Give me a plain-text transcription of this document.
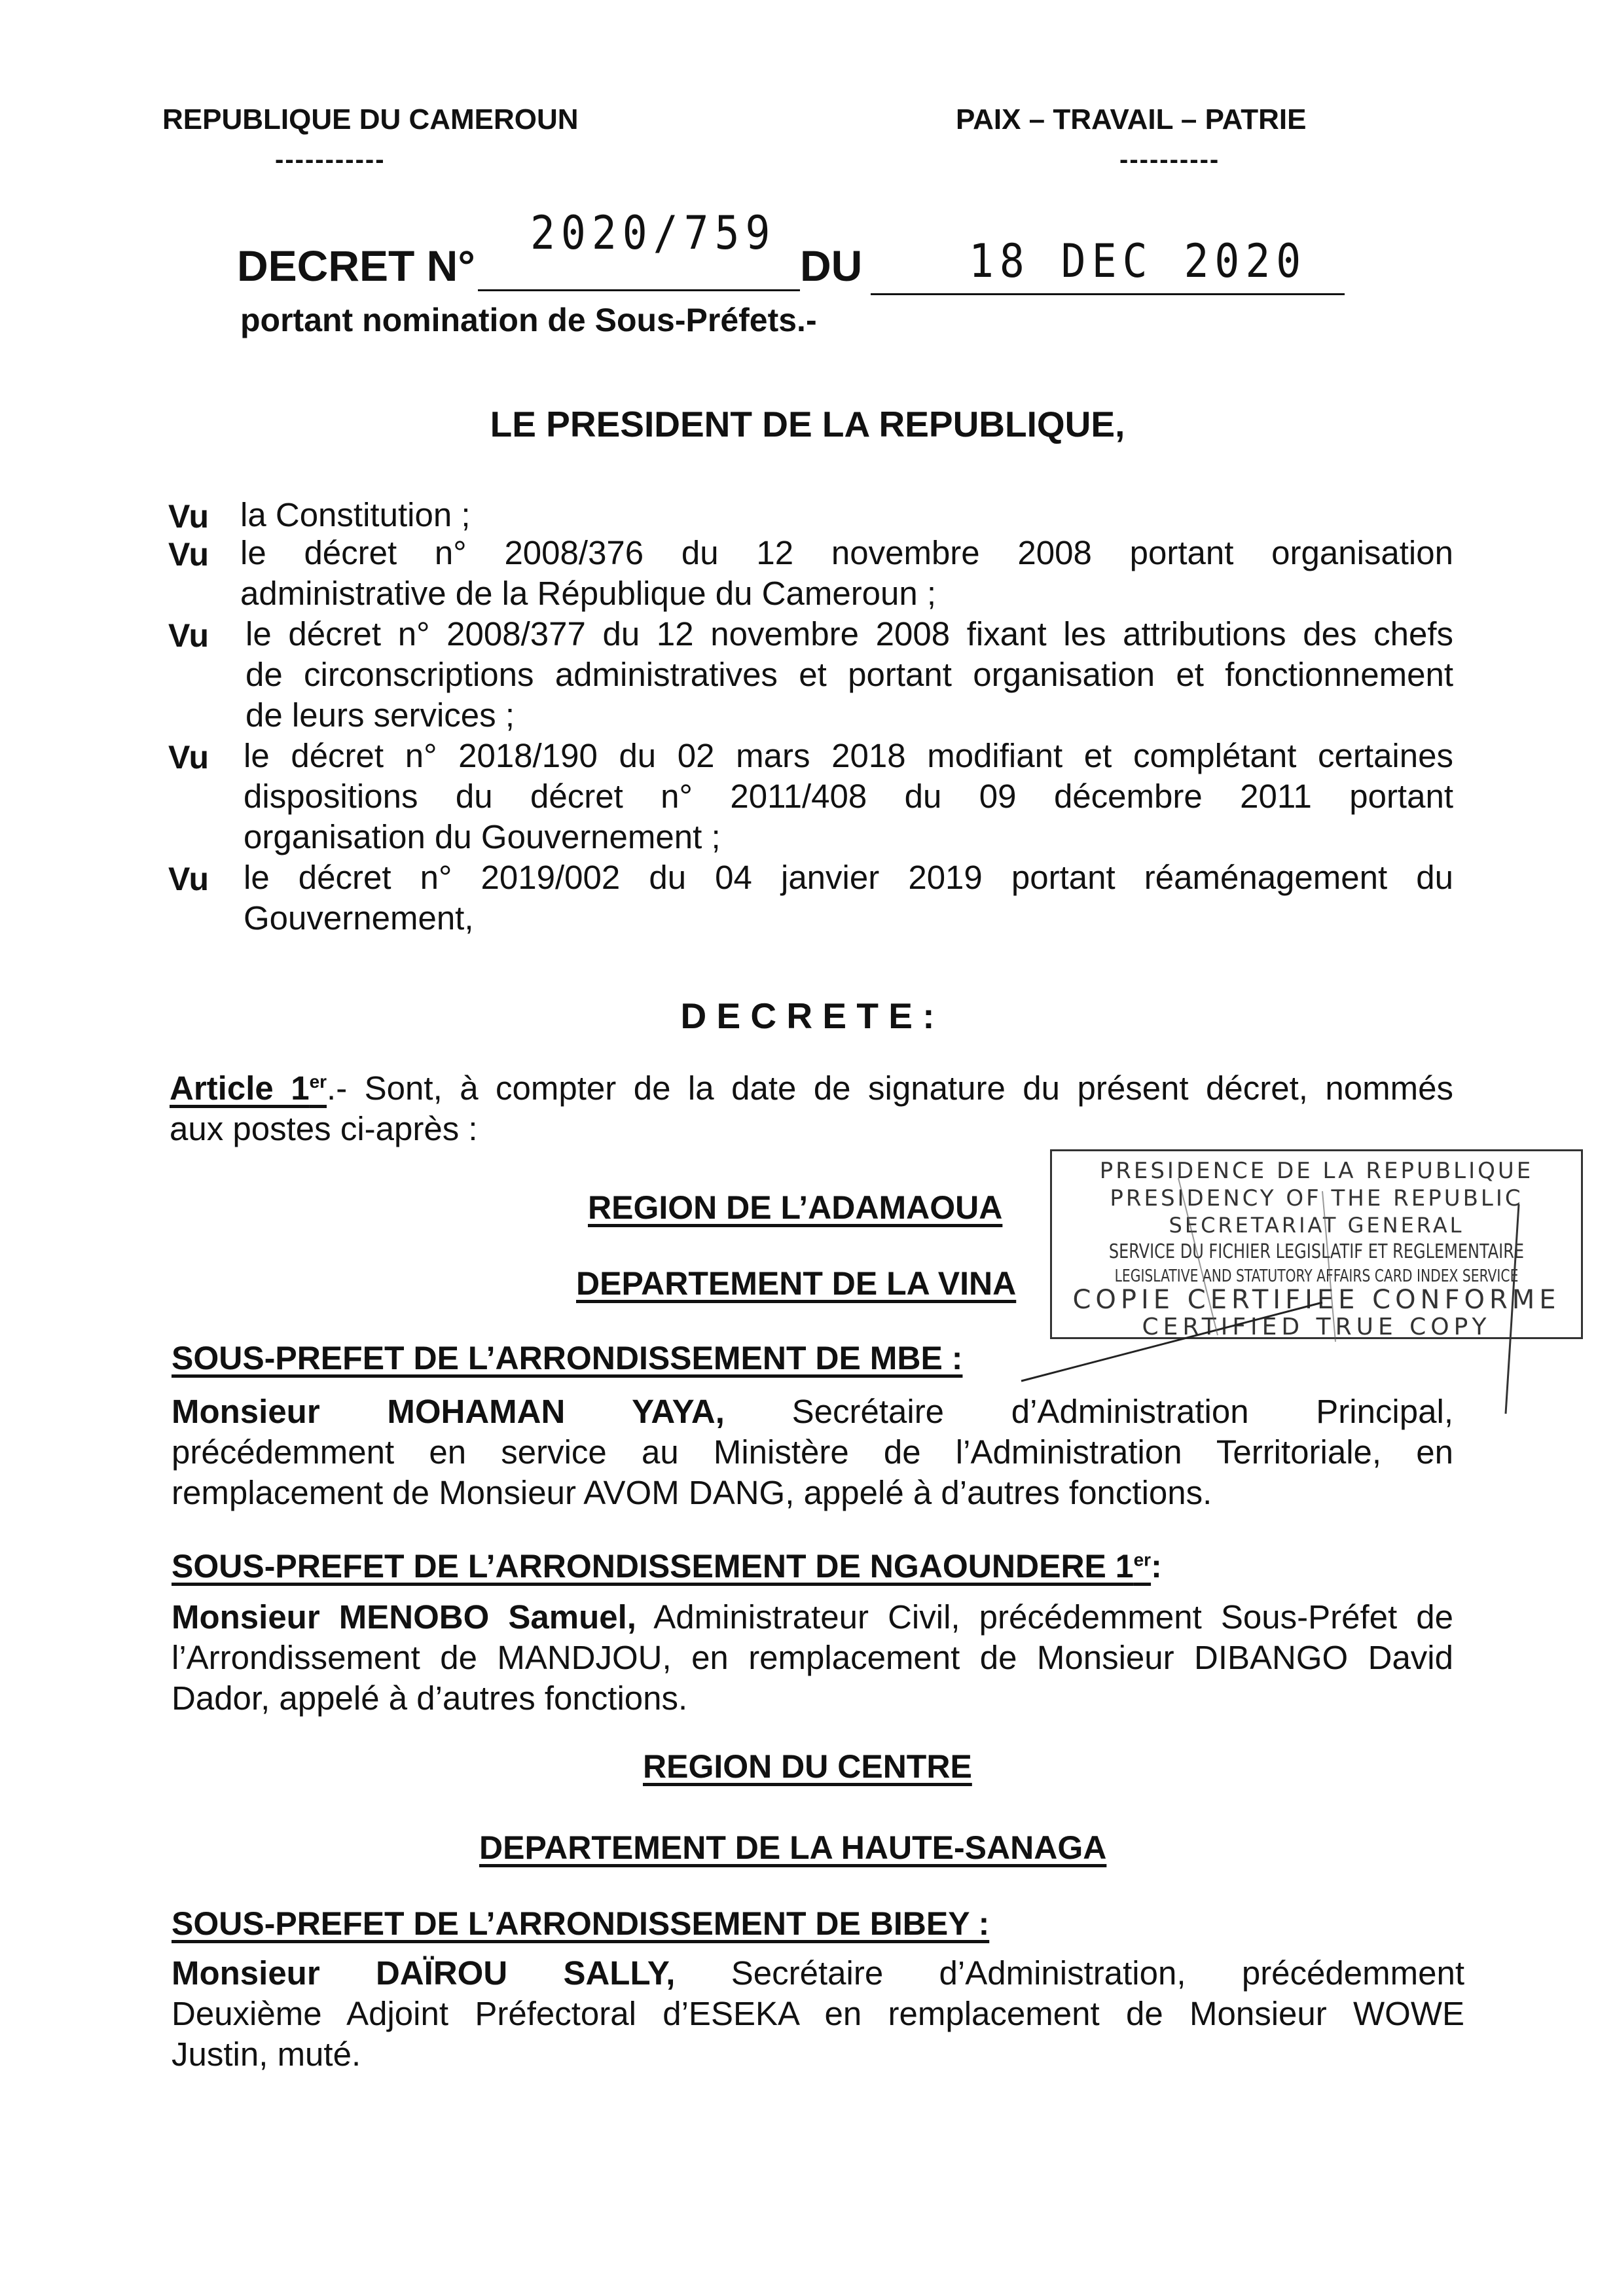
REPUBLIQUE DU CAMEROUN
-----------
PAIX – TRAVAIL – PATRIE
----------
DECRET N°
2020/759
DU 18 DEC 2020
portant nomination de Sous-Préfets.-
LE PRESIDENT DE LA REPUBLIQUE,
Vu la Constitution ;
Vu le décret n° 2008/376 du 12 novembre 2008 portant organisation
administrative de la République du Cameroun ;
Vu le décret n° 2008/377 du 12 novembre 2008 fixant les attributions des chefs
de circonscriptions administratives et portant organisation et fonctionnement
de leurs services ;
Vu le décret n° 2018/190 du 02 mars 2018 modifiant et complétant certaines
dispositions du décret n° 2011/408 du 09 décembre 2011 portant
organisation du Gouvernement ;
Vu le décret n° 2019/002 du 04 janvier 2019 portant réaménagement du
Gouvernement,
D E C R E T E :
Article 1er.- Sont, à compter de la date de signature du présent décret, nommés
aux postes ci-après :
PRESIDENCE DE LA REPUBLIQUE
PRESIDENCY OF THE REPUBLIC
SECRETARIAT GENERAL
SERVICE DU FICHIER LEGISLATIF ET REGLEMENTAIRE
LEGISLATIVE AND STATUTORY AFFAIRS CARD INDEX SERVICE
COPIE CERTIFIEE CONFORME
CERTIFIED TRUE COPY
REGION DE L’ADAMAOUA
DEPARTEMENT DE LA VINA
SOUS-PREFET DE L’ARRONDISSEMENT DE MBE :
Monsieur MOHAMAN YAYA, Secrétaire d’Administration Principal,
précédemment en service au Ministère de l’Administration Territoriale, en
remplacement de Monsieur AVOM DANG, appelé à d’autres fonctions.
SOUS-PREFET DE L’ARRONDISSEMENT DE NGAOUNDERE 1er:
Monsieur MENOBO Samuel, Administrateur Civil, précédemment Sous-Préfet de
l’Arrondissement de MANDJOU, en remplacement de Monsieur DIBANGO David
Dador, appelé à d’autres fonctions.
REGION DU CENTRE
DEPARTEMENT DE LA HAUTE-SANAGA
SOUS-PREFET DE L’ARRONDISSEMENT DE BIBEY :
Monsieur DAÏROU SALLY, Secrétaire d’Administration, précédemment
Deuxième Adjoint Préfectoral d’ESEKA en remplacement de Monsieur WOWE
Justin, muté.
